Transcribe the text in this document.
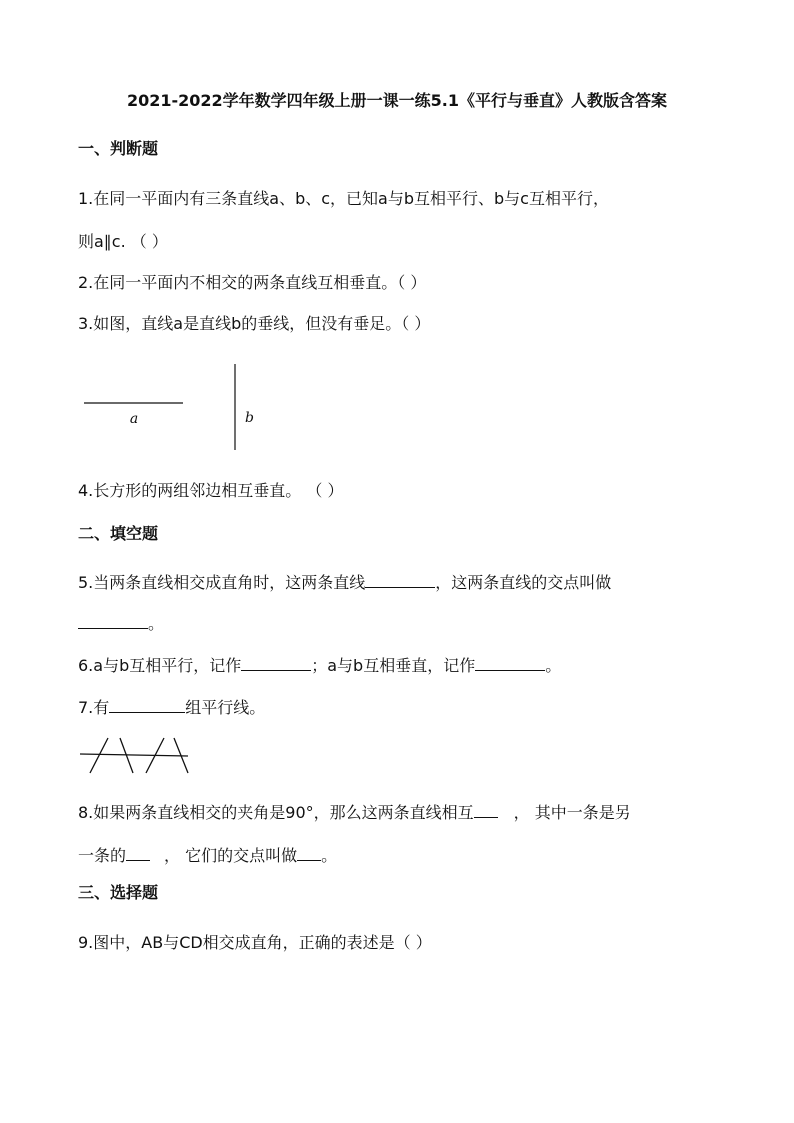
2021-2022学年数学四年级上册一课一练5.1《平行与垂直》人教版含答案
一、判断题
1.在同一平面内有三条直线a、b、c，已知a与b互相平行、b与c互相平行，
则a∥c. （ ）
2.在同一平面内不相交的两条直线互相垂直。（ ）
3.如图，直线a是直线b的垂线，但没有垂足。（ ）
a	b
4.长方形的两组邻边相互垂直。 （ ）
二、填空题
5.当两条直线相交成直角时，这两条直线	，这两条直线的交点叫做
。
6.a与b互相平行，记作	；a与b互相垂直，记作	。
7.有	组平行线。
8.如果两条直线相交的夹角是90°，那么这两条直线相互	， 其中一条是另
一条的 ， 它们的交点叫做 。
三、选择题
9.图中，AB与CD相交成直角，正确的表述是（ ）
